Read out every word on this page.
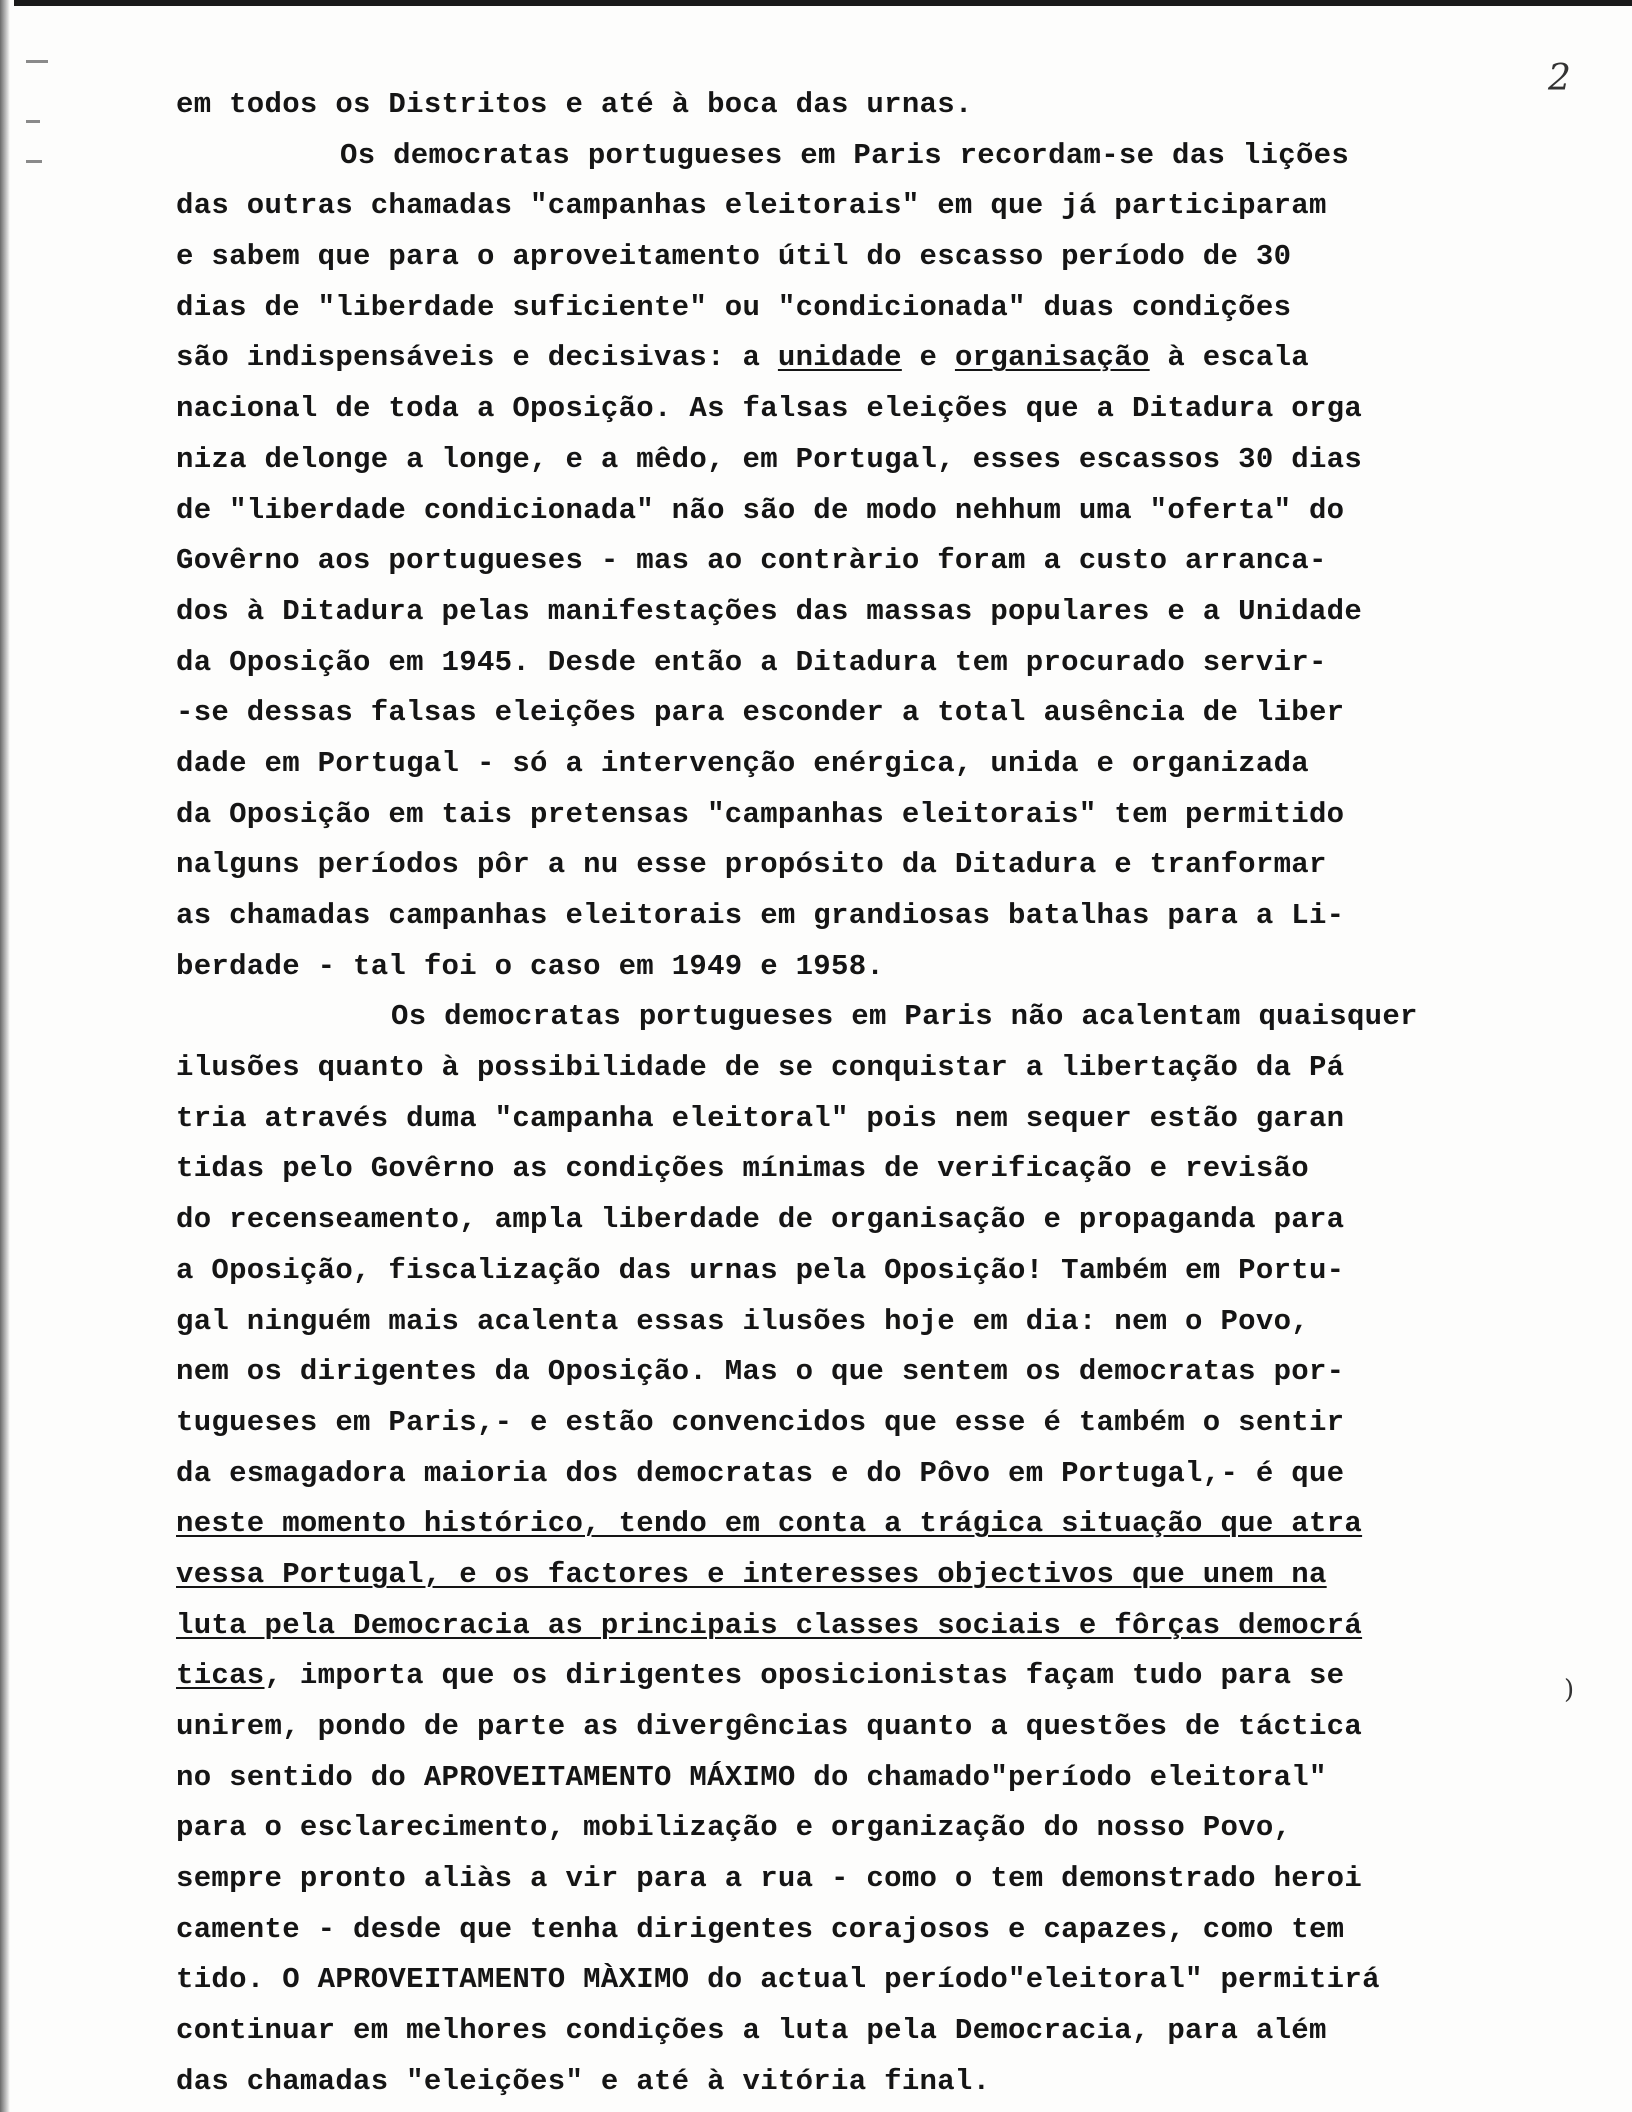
2
em todos os Distritos e até à boca das urnas.
Os democratas portugueses em Paris recordam-se das lições
das outras chamadas "campanhas eleitorais" em que já participaram
e sabem que para o aproveitamento útil do escasso período de 30
dias de "liberdade suficiente" ou "condicionada" duas condições
são indispensáveis e decisivas: a unidade e organisação à escala
nacional de toda a Oposição. As falsas eleições que a Ditadura orga
niza delonge a longe, e a mêdo, em Portugal, esses escassos 30 dias
de "liberdade condicionada" não são de modo nehhum uma "oferta" do
Govêrno aos portugueses - mas ao contràrio foram a custo arranca-
dos à Ditadura pelas manifestações das massas populares e a Unidade
da Oposição em 1945. Desde então a Ditadura tem procurado servir-
-se dessas falsas eleições para esconder a total ausência de liber
dade em Portugal - só a intervenção enérgica, unida e organizada
da Oposição em tais pretensas "campanhas eleitorais" tem permitido
nalguns períodos pôr a nu esse propósito da Ditadura e tranformar
as chamadas campanhas eleitorais em grandiosas batalhas para a Li-
berdade - tal foi o caso em 1949 e 1958.
Os democratas portugueses em Paris não acalentam quaisquer
ilusões quanto à possibilidade de se conquistar a libertação da Pá
tria através duma "campanha eleitoral" pois nem sequer estão garan
tidas pelo Govêrno as condições mínimas de verificação e revisão
do recenseamento, ampla liberdade de organisação e propaganda para
a Oposição, fiscalização das urnas pela Oposição! Também em Portu-
gal ninguém mais acalenta essas ilusões hoje em dia: nem o Povo,
nem os dirigentes da Oposição. Mas o que sentem os democratas por-
tugueses em Paris,- e estão convencidos que esse é também o sentir
da esmagadora maioria dos democratas e do Pôvo em Portugal,- é que
neste momento histórico, tendo em conta a trágica situação que atra
vessa Portugal, e os factores e interesses objectivos que unem na
luta pela Democracia as principais classes sociais e fôrças democrá
ticas, importa que os dirigentes oposicionistas façam tudo para se
unirem, pondo de parte as divergências quanto a questões de táctica
no sentido do APROVEITAMENTO MÁXIMO do chamado"período eleitoral"
para o esclarecimento, mobilização e organização do nosso Povo,
sempre pronto aliàs a vir para a rua - como o tem demonstrado heroi
camente - desde que tenha dirigentes corajosos e capazes, como tem
tido. O APROVEITAMENTO MÀXIMO do actual período"eleitoral" permitirá
continuar em melhores condições a luta pela Democracia, para além
das chamadas "eleições" e até à vitória final.
)
